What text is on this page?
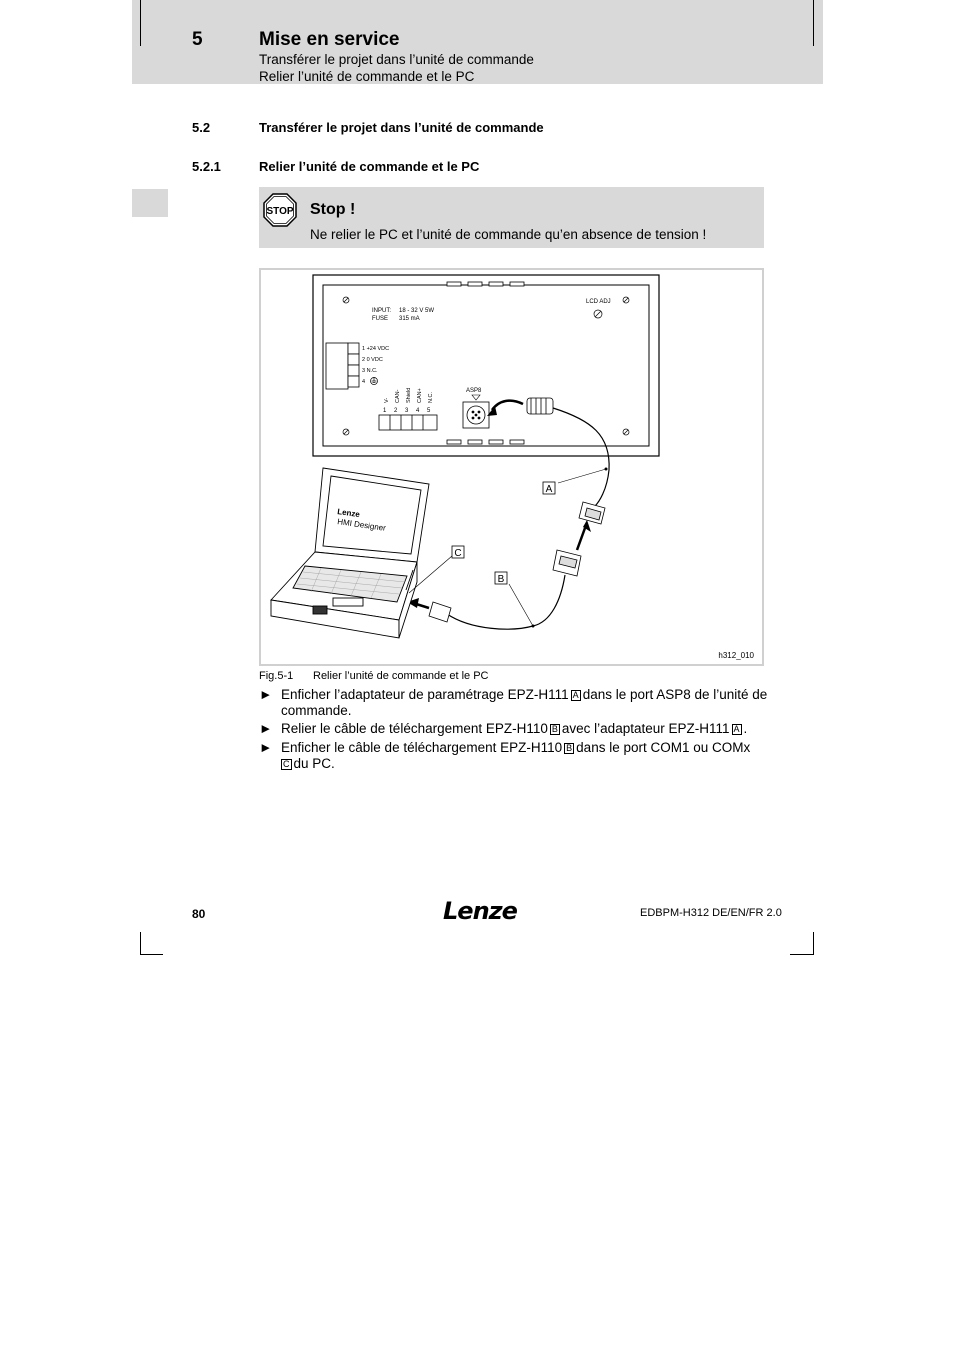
5	Mise en service
Transférer le projet dans l’unité de commande
Relier l’unité de commande et le PC
5.2	Transférer le projet dans l’unité de commande
5.2.1	Relier l’unité de commande et le PC
STOP Stop !
Ne relier le PC et l’unité de commande qu’en absence de tension !
INPUT: 18 - 32 V 5W
FUSE 315 mA
LCD ADJ
1 +24 VDC
2 0 VDC
3 N.C.
4
V- CAN- Shield CAN+ N.C.
1 2 3 4 5
ASP8
Lenze
HMI Designer
A
C
B
h312_010
Fig.5-1 Relier l’unité de commande et le PC
► Enficher l’adaptateur de paramétrage EPZ-H111 A dans le port ASP8 de l’unité de commande.
► Relier le câble de téléchargement EPZ-H110 B avec l’adaptateur EPZ-H111 A .
► Enficher le câble de téléchargement EPZ-H110 B dans le port COM1 ou COMx
C du PC.
80	Lenze	EDBPM-H312 DE/EN/FR 2.0
